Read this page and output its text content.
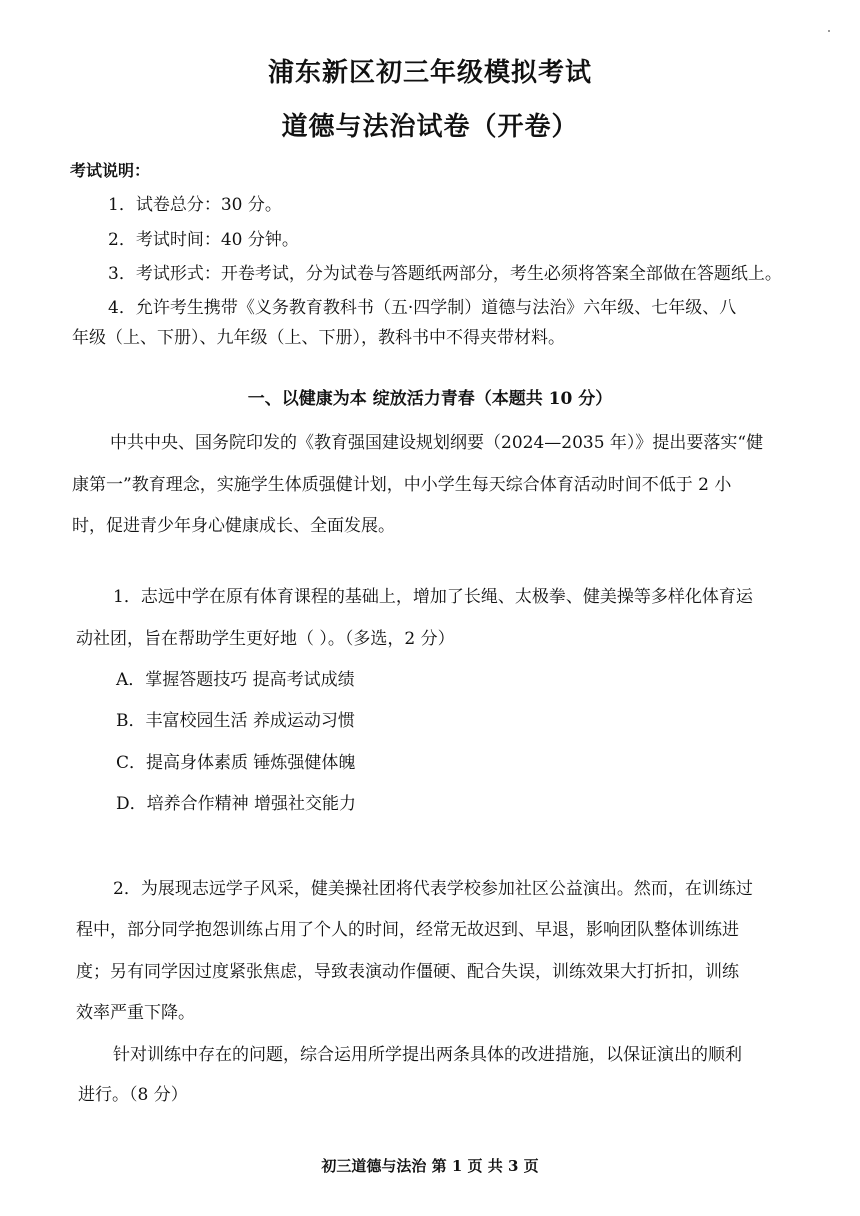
浦东新区初三年级模拟考试
道德与法治试卷（开卷）
考试说明：
1．试卷总分：30 分。
2．考试时间：40 分钟。
3．考试形式：开卷考试，分为试卷与答题纸两部分，考生必须将答案全部做在答题纸上。
4．允许考生携带《义务教育教科书（五·四学制）道德与法治》六年级、七年级、八
年级（上、下册）、九年级（上、下册），教科书中不得夹带材料。
一、以健康为本 绽放活力青春（本题共 10 分）
中共中央、国务院印发的《教育强国建设规划纲要（2024—2035 年）》提出要落实“健
康第一”教育理念，实施学生体质强健计划，中小学生每天综合体育活动时间不低于 2 小
时，促进青少年身心健康成长、全面发展。
1．志远中学在原有体育课程的基础上，增加了长绳、太极拳、健美操等多样化体育运
动社团，旨在帮助学生更好地（ ）。（多选，2 分）
A．掌握答题技巧 提高考试成绩
B．丰富校园生活 养成运动习惯
C．提高身体素质 锤炼强健体魄
D．培养合作精神 增强社交能力
2．为展现志远学子风采，健美操社团将代表学校参加社区公益演出。然而，在训练过
程中，部分同学抱怨训练占用了个人的时间，经常无故迟到、早退，影响团队整体训练进
度；另有同学因过度紧张焦虑，导致表演动作僵硬、配合失误，训练效果大打折扣，训练
效率严重下降。
针对训练中存在的问题，综合运用所学提出两条具体的改进措施，以保证演出的顺利
进行。（8 分）
初三道德与法治 第 1 页 共 3 页
